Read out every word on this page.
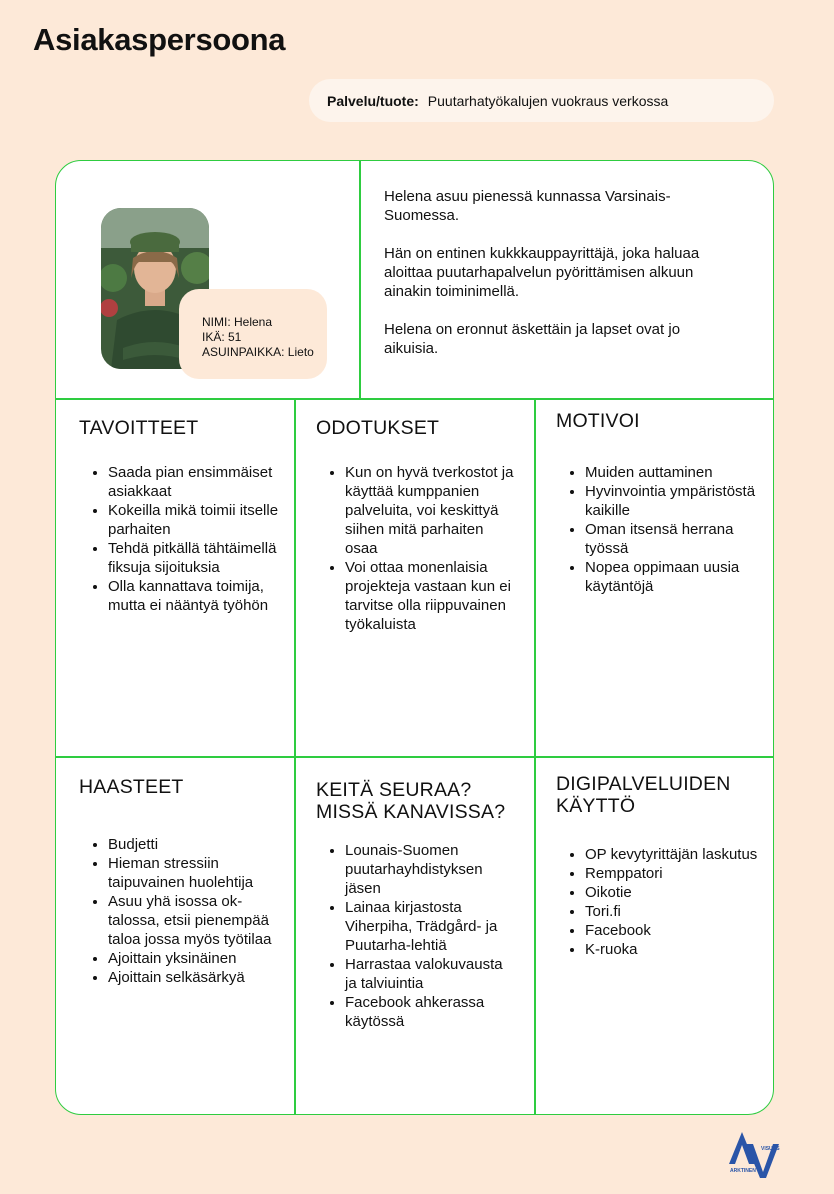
Asiakaspersoona
Palvelu/tuote: Puutarhatyökalujen vuokraus verkossa
NIMI: Helena
IKÄ: 51
ASUINPAIKKA: Lieto

Helena asuu pienessä kunnassa Varsinais-Suomessa.

Hän on entinen kukkkauppayrittäjä, joka haluaa aloittaa puutarhapalvelun pyörittämisen alkuun ainakin toiminimellä.

Helena on eronnut äskettäin ja lapset ovat jo aikuisia.

TAVOITTEET
• Saada pian ensimmäiset asiakkaat
• Kokeilla mikä toimii itselle parhaiten
• Tehdä pitkällä tähtäimellä fiksuja sijoituksia
• Olla kannattava toimija, mutta ei nääntyä työhön
ODOTUKSET
• Kun on hyvä tverkostot ja käyttää kumppanien palveluita, voi keskittyä siihen mitä parhaiten osaa
• Voi ottaa monenlaisia projekteja vastaan kun ei tarvitse olla riippuvainen työkaluista
MOTIVOI
• Muiden auttaminen
• Hyvinvointia ympäristöstä kaikille
• Oman itsensä herrana työssä
• Nopea oppimaan uusia käytäntöjä
HAASTEET
• Budjetti
• Hieman stressiin taipuvainen huolehtija
• Asuu yhä isossa ok-talossa, etsii pienempää taloa jossa myös työtilaa
• Ajoittain yksinäinen
• Ajoittain selkäsärkyä
KEITÄ SEURAA? MISSÄ KANAVISSA?
• Lounais-Suomen puutarhayhdistyksen jäsen
• Lainaa kirjastosta Viherpiha, Trädgård- ja Puutarha-lehtiä
• Harrastaa valokuvausta ja talviuintia
• Facebook ahkerassa käytössä
DIGIPALVELUIDEN KÄYTTÖ
• OP kevytyrittäjän laskutus
• Remppatori
• Oikotie
• Tori.fi
• Facebook
• K-ruoka
VISUAS
ARKTINEN
